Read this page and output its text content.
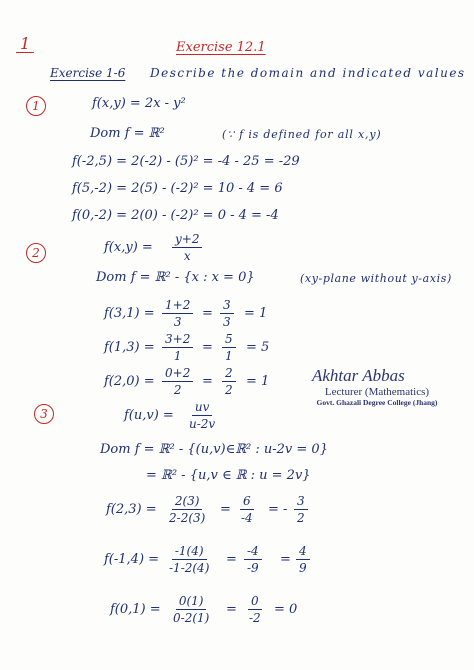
1	Exercise 12.1
Exercise 1-6 Describe the domain and indicated values
1	f(x,y) = 2x - y²
Dom f = ℝ²	(∵ f is defined for all x,y)
f(-2,5) = 2(-2) - (5)² = -4 - 25 = -29
f(5,-2) = 2(5) - (-2)² = 10 - 4 = 6
f(0,-2) = 2(0) - (-2)² = 0 - 4 = -4
2	$f(x,y) = \frac{y+2}{x}$
Dom f = ℝ² - {x : x = 0}	(xy-plane without y-axis)
$f(3,1) = \frac{1+2}{3} = \frac{3}{3} = 1$
$f(1,3) = \frac{3+2}{1} = \frac{5}{1} = 5$
$f(2,0) = \frac{0+2}{2} = \frac{2}{2} = 1$	Akhtar Abbas
Lecturer (Mathematics)
Govt. Ghazali Degree College (Jhang)
3	$f(u,v) = \frac{uv}{u-2v}$
Dom f = ℝ² - {(u,v)∈ℝ² : u-2v = 0}
= ℝ² - {u,v ∈ ℝ : u = 2v}
$f(2,3) = \frac{2(3)}{2-2(3)} = \frac{6}{-4}$ = - $\frac{3}{2}$
$f(-1,4) = \frac{-1(4)}{-1-2(4)} = \frac{-4}{-9} = \frac{4}{9}$
$f(0,1) = \frac{0(1)}{0-2(1)} = \frac{0}{-2} = 0$
